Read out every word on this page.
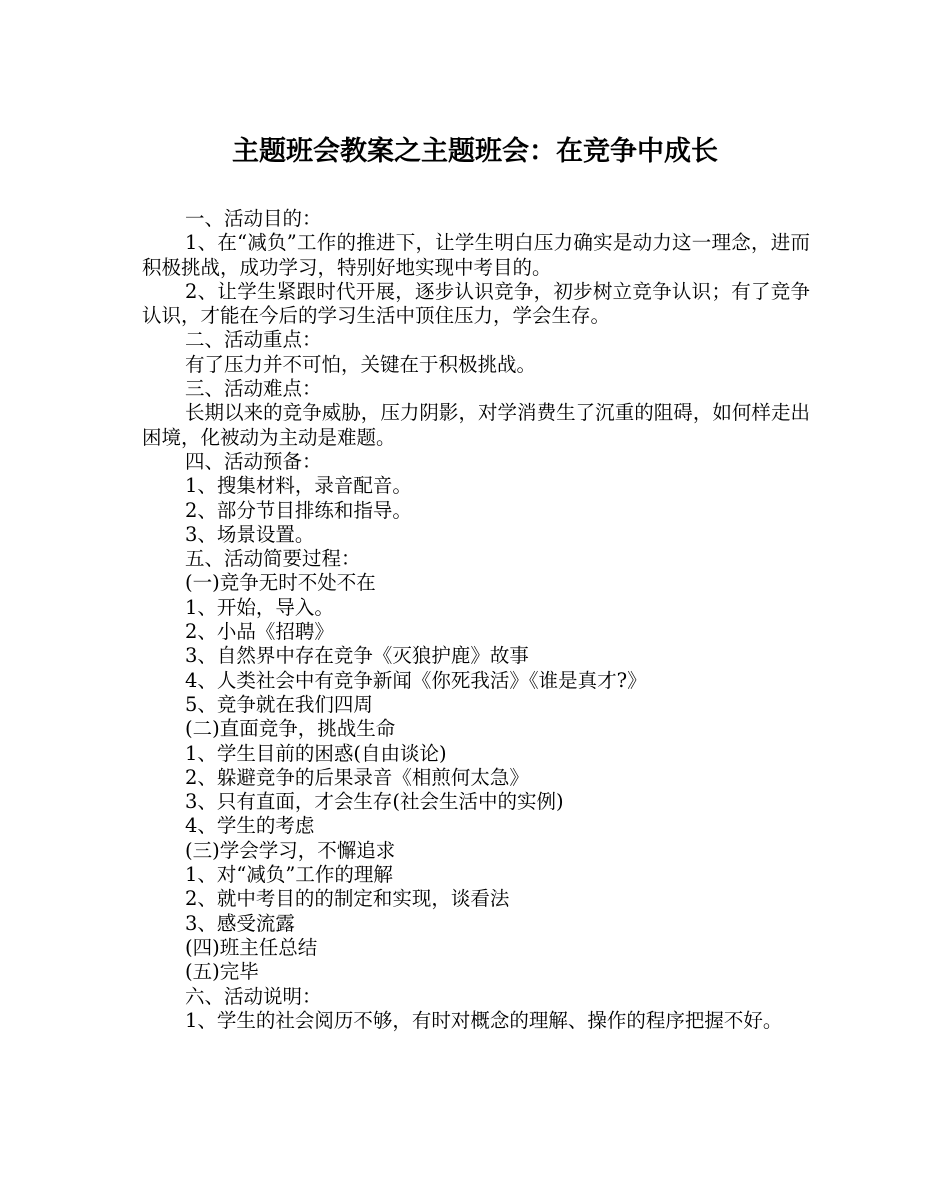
主题班会教案之主题班会：在竞争中成长

一、活动目的：

1、在“减负”工作的推进下，让学生明白压力确实是动力这一理念，进而积极挑战，成功学习，特别好地实现中考目的。

2、让学生紧跟时代开展，逐步认识竞争，初步树立竞争认识；有了竞争认识，才能在今后的学习生活中顶住压力，学会生存。

二、活动重点：

有了压力并不可怕，关键在于积极挑战。

三、活动难点：

长期以来的竞争威胁，压力阴影，对学消费生了沉重的阻碍，如何样走出困境，化被动为主动是难题。

四、活动预备：

1、搜集材料，录音配音。

2、部分节目排练和指导。

3、场景设置。

五、活动简要过程：

(一)竞争无时不处不在

1、开始，导入。

2、小品《招聘》

3、自然界中存在竞争《灭狼护鹿》故事

4、人类社会中有竞争新闻《你死我活》《谁是真才?》

5、竞争就在我们四周

(二)直面竞争，挑战生命

1、学生目前的困惑(自由谈论)

2、躲避竞争的后果录音《相煎何太急》

3、只有直面，才会生存(社会生活中的实例)

4、学生的考虑

(三)学会学习，不懈追求

1、对“减负”工作的理解

2、就中考目的的制定和实现，谈看法

3、感受流露

(四)班主任总结

(五)完毕

六、活动说明：

1、学生的社会阅历不够，有时对概念的理解、操作的程序把握不好。
